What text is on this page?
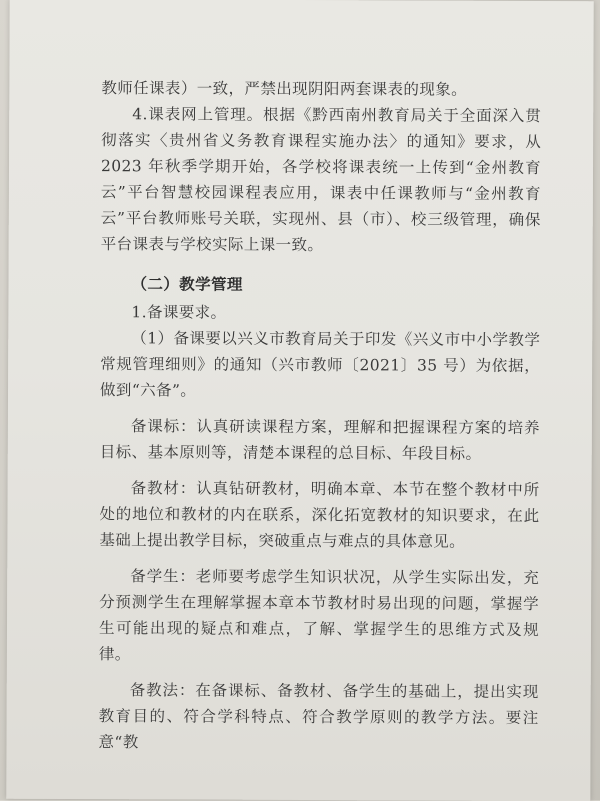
教师任课表）一致，严禁出现阴阳两套课表的现象。

4.课表网上管理。根据《黔西南州教育局关于全面深入贯彻落实〈贵州省义务教育课程实施办法〉的通知》要求，从 2023 年秋季学期开始，各学校将课表统一上传到“金州教育云”平台智慧校园课程表应用，课表中任课教师与“金州教育云”平台教师账号关联，实现州、县（市）、校三级管理，确保平台课表与学校实际上课一致。

（二）教学管理

1.备课要求。

（1）备课要以兴义市教育局关于印发《兴义市中小学教学常规管理细则》的通知（兴市教师〔2021〕35 号）为依据，做到“六备”。

备课标：认真研读课程方案，理解和把握课程方案的培养目标、基本原则等，清楚本课程的总目标、年段目标。

备教材：认真钻研教材，明确本章、本节在整个教材中所处的地位和教材的内在联系，深化拓宽教材的知识要求，在此基础上提出教学目标，突破重点与难点的具体意见。

备学生：老师要考虑学生知识状况，从学生实际出发，充分预测学生在理解掌握本章本节教材时易出现的问题，掌握学生可能出现的疑点和难点，了解、掌握学生的思维方式及规律。

备教法：在备课标、备教材、备学生的基础上，提出实现教育目的、符合学科特点、符合教学原则的教学方法。要注意“教
